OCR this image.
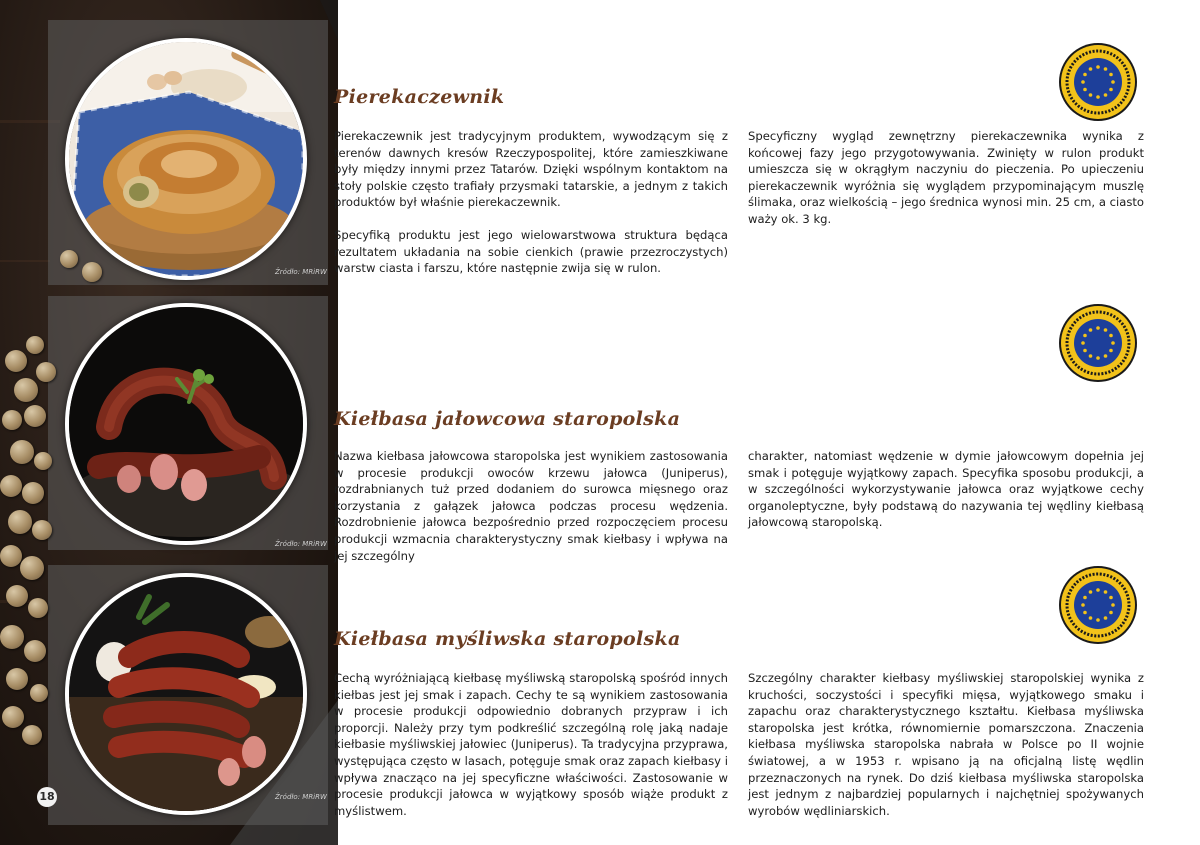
Źródło: MRiRW
Źródło: MRiRW
Źródło: MRiRW
18
Pierekaczewnik

Pierekaczewnik jest tradycyjnym produktem, wywodzącym się z terenów dawnych kresów Rzeczypospolitej, które zamieszkiwane były między innymi przez Tatarów. Dzięki wspólnym kontaktom na stoły polskie często trafiały przysmaki tatarskie, a jednym z takich produktów był właśnie pierekaczewnik.

Specyfiką produktu jest jego wielowarstwowa struktura będąca rezultatem układania na sobie cienkich (prawie przezroczystych) warstw ciasta i farszu, które następnie zwija się w rulon.

Specyficzny wygląd zewnętrzny pierekaczewnika wynika z końcowej fazy jego przygotowywania. Zwinięty w rulon produkt umieszcza się w okrągłym naczyniu do pieczenia. Po upieczeniu pierekaczewnik wyróżnia się wyglądem przypominającym muszlę ślimaka, oraz wielkością – jego średnica wynosi min. 25 cm, a ciasto waży ok. 3 kg.

Kiełbasa jałowcowa staropolska

Nazwa kiełbasa jałowcowa staropolska jest wynikiem zastosowania w procesie produkcji owoców krzewu jałowca (Juniperus), rozdrabnianych tuż przed dodaniem do surowca mięsnego oraz korzystania z gałązek jałowca podczas procesu wędzenia. Rozdrobnienie jałowca bezpośrednio przed rozpoczęciem procesu produkcji wzmacnia charakterystyczny smak kiełbasy i wpływa na jej szczególny

charakter, natomiast wędzenie w dymie jałowcowym dopełnia jej smak i potęguje wyjątkowy zapach. Specyfika sposobu produkcji, a w szczególności wykorzystywanie jałowca oraz wyjątkowe cechy organoleptyczne, były podstawą do nazywania tej wędliny kiełbasą jałowcową staropolską.

Kiełbasa myśliwska staropolska

Cechą wyróżniającą kiełbasę myśliwską staropolską spośród innych kiełbas jest jej smak i zapach. Cechy te są wynikiem zastosowania w procesie produkcji odpowiednio dobranych przypraw i ich proporcji. Należy przy tym podkreślić szczególną rolę jaką nadaje kiełbasie myśliwskiej jałowiec (Juniperus). Ta tradycyjna przyprawa, występująca często w lasach, potęguje smak oraz zapach kiełbasy i wpływa znacząco na jej specyficzne właściwości. Zastosowanie w procesie produkcji jałowca w wyjątkowy sposób wiąże produkt z myślistwem.

Szczególny charakter kiełbasy myśliwskiej staropolskiej wynika z kruchości, soczystości i specyfiki mięsa, wyjątkowego smaku i zapachu oraz charakterystycznego kształtu. Kiełbasa myśliwska staropolska jest krótka, równomiernie pomarszczona. Znaczenia kiełbasa myśliwska staropolska nabrała w Polsce po II wojnie światowej, a w 1953 r. wpisano ją na oficjalną listę wędlin przeznaczonych na rynek. Do dziś kiełbasa myśliwska staropolska jest jednym z najbardziej popularnych i najchętniej spożywanych wyrobów wędliniarskich.
